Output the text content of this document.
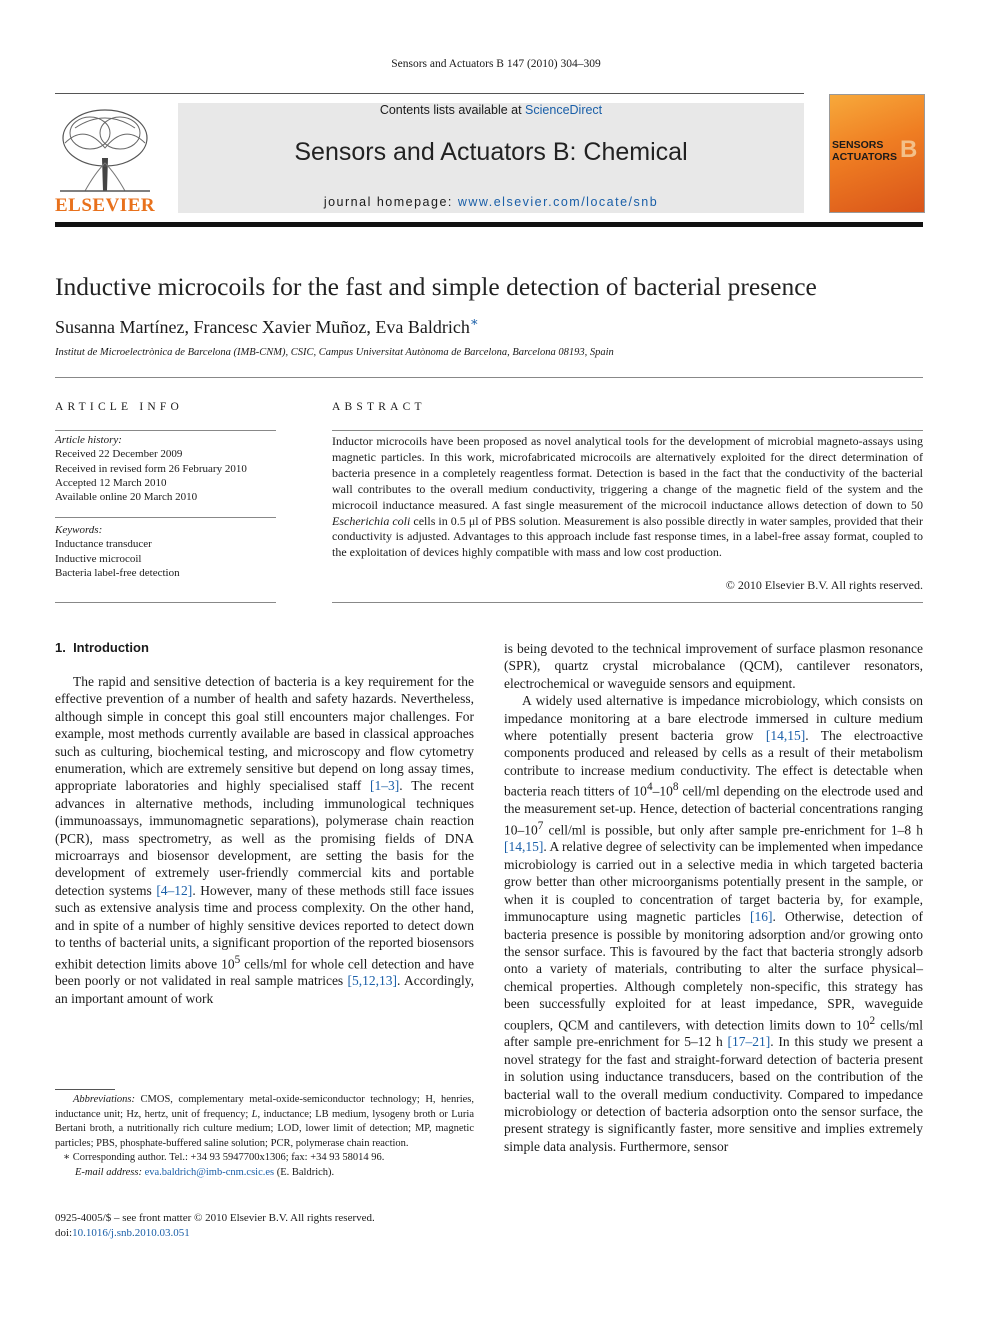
Sensors and Actuators B 147 (2010) 304–309
ELSEVIER
Contents lists available at ScienceDirect
Sensors and Actuators B: Chemical
journal homepage: www.elsevier.com/locate/snb
SENSORS
ACTUATORS B
Inductive microcoils for the fast and simple detection of bacterial presence
Susanna Martínez, Francesc Xavier Muñoz, Eva Baldrich∗
Institut de Microelectrònica de Barcelona (IMB-CNM), CSIC, Campus Universitat Autònoma de Barcelona, Barcelona 08193, Spain
ARTICLE INFO
Article history:
Received 22 December 2009
Received in revised form 26 February 2010
Accepted 12 March 2010
Available online 20 March 2010
Keywords:
Inductance transducer
Inductive microcoil
Bacteria label-free detection
ABSTRACT
Inductor microcoils have been proposed as novel analytical tools for the development of microbial magneto-assays using magnetic particles. In this work, microfabricated microcoils are alternatively exploited for the direct determination of bacteria presence in a completely reagentless format. Detection is based in the fact that the conductivity of the bacterial wall contributes to the overall medium conductivity, triggering a change of the magnetic field of the system and the microcoil inductance measured. A fast single measurement of the microcoil inductance allows detection of down to 50 Escherichia coli cells in 0.5 μl of PBS solution. Measurement is also possible directly in water samples, provided that their conductivity is adjusted. Advantages to this approach include fast response times, in a label-free assay format, coupled to the exploitation of devices highly compatible with mass and low cost production.
© 2010 Elsevier B.V. All rights reserved.
1.  Introduction

The rapid and sensitive detection of bacteria is a key requirement for the effective prevention of a number of health and safety hazards. Nevertheless, although simple in concept this goal still encounters major challenges. For example, most methods currently available are based in classical approaches such as culturing, biochemical testing, and microscopy and flow cytometry enumeration, which are extremely sensitive but depend on long assay times, appropriate laboratories and highly specialised staff [1–3]. The recent advances in alternative methods, including immunological techniques (immunoassays, immunomagnetic separations), polymerase chain reaction (PCR), mass spectrometry, as well as the promising fields of DNA microarrays and biosensor development, are setting the basis for the development of extremely user-friendly commercial kits and portable detection systems [4–12]. However, many of these methods still face issues such as extensive analysis time and process complexity. On the other hand, and in spite of a number of highly sensitive devices reported to detect down to tenths of bacterial units, a significant proportion of the reported biosensors exhibit detection limits above $10^5$ cells/ml for whole cell detection and have been poorly or not validated in real sample matrices [5,12,13]. Accordingly, an important amount of work

is being devoted to the technical improvement of surface plasmon resonance (SPR), quartz crystal microbalance (QCM), cantilever resonators, electrochemical or waveguide sensors and equipment.

A widely used alternative is impedance microbiology, which consists on impedance monitoring at a bare electrode immersed in culture medium where potentially present bacteria grow [14,15]. The electroactive components produced and released by cells as a result of their metabolism contribute to increase medium conductivity. The effect is detectable when bacteria reach titters of $10^4-10^8$ cell/ml depending on the electrode used and the measurement set-up. Hence, detection of bacterial concentrations ranging $10-10^7$ cell/ml is possible, but only after sample pre-enrichment for 1–8 h [14,15]. A relative degree of selectivity can be implemented when impedance microbiology is carried out in a selective media in which targeted bacteria grow better than other microorganisms potentially present in the sample, or when it is coupled to concentration of target bacteria by, for example, immunocapture using magnetic particles [16]. Otherwise, detection of bacteria presence is possible by monitoring adsorption and/or growing onto the sensor surface. This is favoured by the fact that bacteria strongly adsorb onto a variety of materials, contributing to alter the surface physical–chemical properties. Although completely non-specific, this strategy has been successfully exploited for at least impedance, SPR, waveguide couplers, QCM and cantilevers, with detection limits down to $10^2$ cells/ml after sample pre-enrichment for 5–12 h [17–21]. In this study we present a novel strategy for the fast and straight-forward detection of bacteria present in solution using inductance transducers, based on the contribution of the bacterial wall to the overall medium conductivity. Compared to impedance microbiology or detection of bacteria adsorption onto the sensor surface, the present strategy is significantly faster, more sensitive and implies extremely simple data analysis. Furthermore, sensor

Abbreviations: CMOS, complementary metal-oxide-semiconductor technology; H, henries, inductance unit; Hz, hertz, unit of frequency; L, inductance; LB medium, lysogeny broth or Luria Bertani broth, a nutritionally rich culture medium; LOD, lower limit of detection; MP, magnetic particles; PBS, phosphate-buffered saline solution; PCR, polymerase chain reaction.
∗ Corresponding author. Tel.: +34 93 5947700x1306; fax: +34 93 58014 96.
E-mail address: eva.baldrich@imb-cnm.csic.es (E. Baldrich).
0925-4005/$ – see front matter © 2010 Elsevier B.V. All rights reserved.
doi:10.1016/j.snb.2010.03.051
